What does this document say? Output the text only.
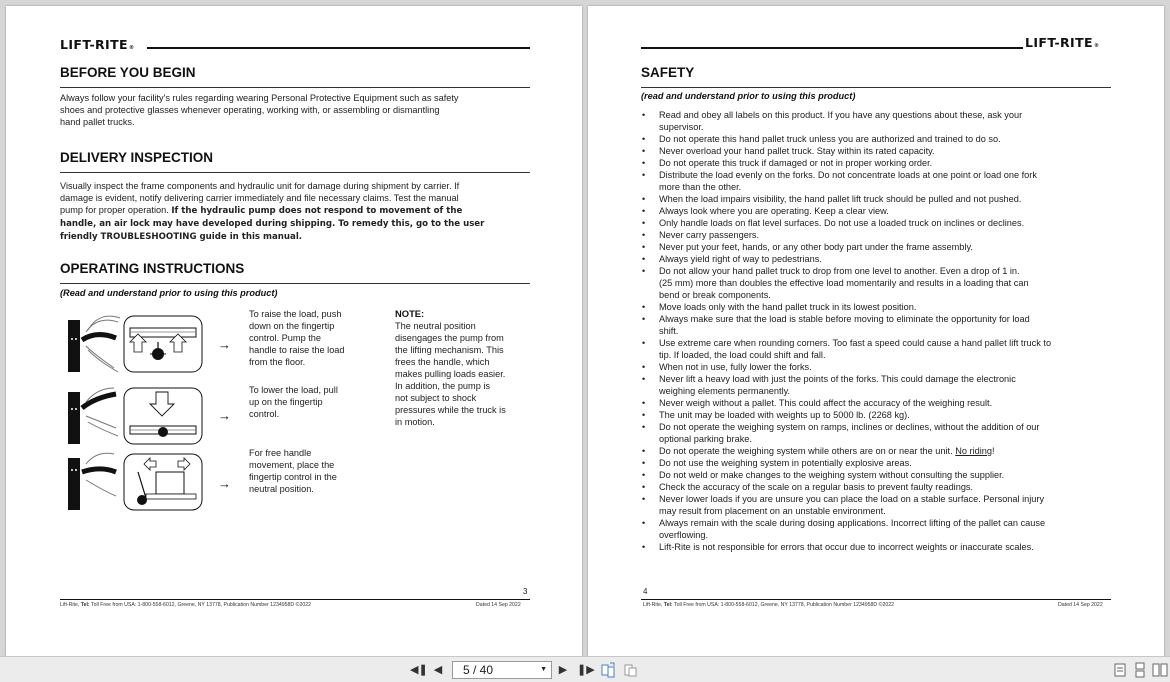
LIFT-RITE®
BEFORE YOU BEGIN
Always follow your facility's rules regarding wearing Personal Protective Equipment such as safety
shoes and protective glasses whenever operating, working with, or assembling or dismantling
hand pallet trucks.
DELIVERY INSPECTION
Visually inspect the frame components and hydraulic unit for damage during shipment by carrier. If
damage is evident, notify delivering carrier immediately and file necessary claims. Test the manual
pump for proper operation. If the hydraulic pump does not respond to movement of the
handle, an air lock may have developed during shipping. To remedy this, go to the user
friendly TROUBLESHOOTING guide in this manual.
OPERATING INSTRUCTIONS
(Read and understand prior to using this product)
→
To raise the load, push
down on the fingertip
control. Pump the
handle to raise the load
from the floor.
→
To lower the load, pull
up on the fingertip
control.
→
For free handle
movement, place the
fingertip control in the
neutral position.
NOTE:
The neutral position
disengages the pump from
the lifting mechanism. This
frees the handle, which
makes pulling loads easier.
In addition, the pump is
not subject to shock
pressures while the truck is
in motion.
3
Lift-Rite, Tel: Toll Free from USA: 1-800-558-6012, Greene, NY 13778, Publication Number 1234958D ©2022	Dated 14 Sep 2022
LIFT-RITE®
SAFETY
(read and understand prior to using this product)
• Read and obey all labels on this product. If you have any questions about these, ask your
supervisor.
• Do not operate this hand pallet truck unless you are authorized and trained to do so.
• Never overload your hand pallet truck. Stay within its rated capacity.
• Do not operate this truck if damaged or not in proper working order.
• Distribute the load evenly on the forks. Do not concentrate loads at one point or load one fork
more than the other.
• When the load impairs visibility, the hand pallet lift truck should be pulled and not pushed.
• Always look where you are operating. Keep a clear view.
• Only handle loads on flat level surfaces. Do not use a loaded truck on inclines or declines.
• Never carry passengers.
• Never put your feet, hands, or any other body part under the frame assembly.
• Always yield right of way to pedestrians.
• Do not allow your hand pallet truck to drop from one level to another. Even a drop of 1 in.
(25 mm) more than doubles the effective load momentarily and results in a loading that can
bend or break components.
• Move loads only with the hand pallet truck in its lowest position.
• Always make sure that the load is stable before moving to eliminate the opportunity for load
shift.
• Use extreme care when rounding corners. Too fast a speed could cause a hand pallet lift truck to
tip. If loaded, the load could shift and fall.
• When not in use, fully lower the forks.
• Never lift a heavy load with just the points of the forks. This could damage the electronic
weighing elements permanently.
• Never weigh without a pallet. This could affect the accuracy of the weighing result.
• The unit may be loaded with weights up to 5000 lb. (2268 kg).
• Do not operate the weighing system on ramps, inclines or declines, without the addition of our
optional parking brake.
• Do not operate the weighing system while others are on or near the unit. No riding!
• Do not use the weighing system in potentially explosive areas.
• Do not weld or make changes to the weighing system without consulting the supplier.
• Check the accuracy of the scale on a regular basis to prevent faulty readings.
• Never lower loads if you are unsure you can place the load on a stable surface. Personal injury
may result from placement on an unstable environment.
• Always remain with the scale during dosing applications. Incorrect lifting of the pallet can cause
overflowing.
• Lift-Rite is not responsible for errors that occur due to incorrect weights or inaccurate scales.
4
Lift-Rite, Tel: Toll Free from USA: 1-800-558-6012, Greene, NY 13778, Publication Number 1234958D ©2022	Dated 14 Sep 2022
◀❚ ◀	5 / 40	▼ ▶ ❚▶
